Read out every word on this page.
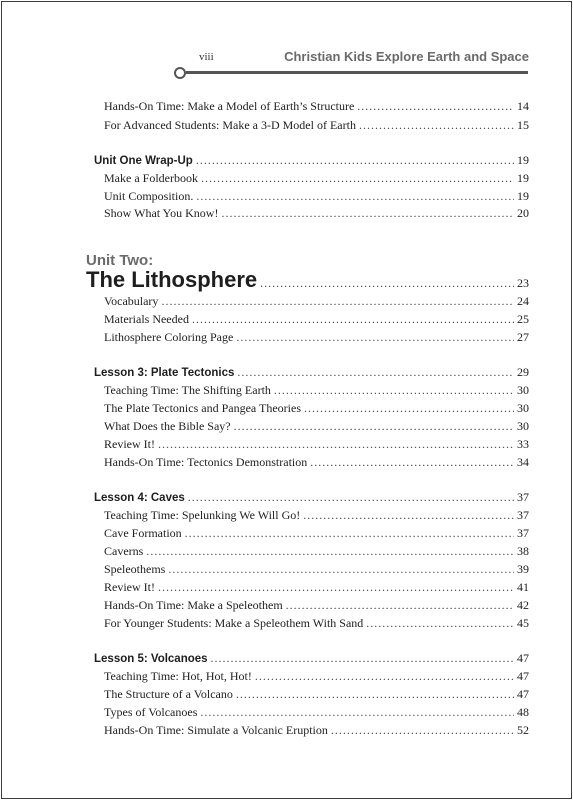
viii	Christian Kids Explore Earth and Space
Hands-On Time: Make a Model of Earth’s Structure . . .	14
For Advanced Students: Make a 3-D Model of Earth . . .	15
Unit One Wrap-Up . . .	19
Make a Folderbook . . .	19
Unit Composition. . . .	19
Show What You Know! . . .	20
Unit Two:
The Lithosphere . . .	23
Vocabulary . . .	24
Materials Needed . . .	25
Lithosphere Coloring Page . . .	27
Lesson 3: Plate Tectonics . . .	29
Teaching Time: The Shifting Earth . . .	30
The Plate Tectonics and Pangea Theories . . .	30
What Does the Bible Say? . . .	30
Review It! . . .	33
Hands-On Time: Tectonics Demonstration . . .	34
Lesson 4: Caves . . .	37
Teaching Time: Spelunking We Will Go! . . .	37
Cave Formation . . .	37
Caverns . . .	38
Speleothems . . .	39
Review It! . . .	41
Hands-On Time: Make a Speleothem . . .	42
For Younger Students: Make a Speleothem With Sand . . .	45
Lesson 5: Volcanoes . . .	47
Teaching Time: Hot, Hot, Hot! . . .	47
The Structure of a Volcano . . .	47
Types of Volcanoes . . .	48
Hands-On Time: Simulate a Volcanic Eruption . . .	52
